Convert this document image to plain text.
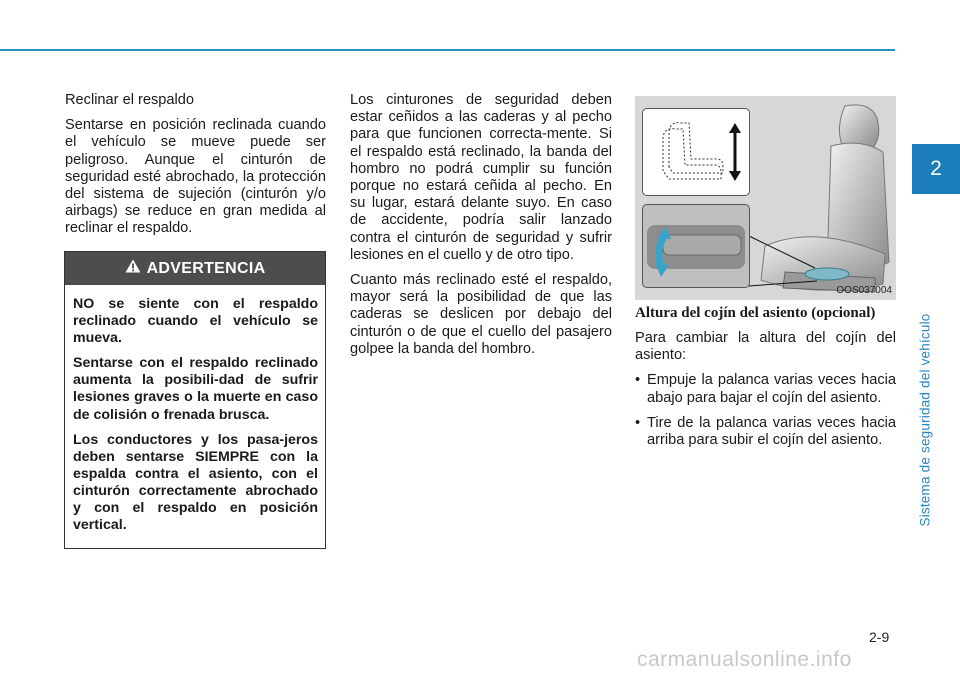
2
Sistema de seguridad del vehículo

Reclinar el respaldo

Sentarse en posición reclinada cuando el vehículo se mueve puede ser peligroso. Aunque el cinturón de seguridad esté abrochado, la protección del sistema de sujeción (cinturón y/o airbags) se reduce en gran medida al reclinar el respaldo.

ADVERTENCIA

NO se siente con el respaldo reclinado cuando el vehículo se mueva.

Sentarse con el respaldo reclinado aumenta la posibili-dad de sufrir lesiones graves o la muerte en caso de colisión o frenada brusca.

Los conductores y los pasa-jeros deben sentarse SIEMPRE con la espalda contra el asiento, con el cinturón correctamente abrochado y con el respaldo en posición vertical.

Los cinturones de seguridad deben estar ceñidos a las caderas y al pecho para que funcionen correcta-mente. Si el respaldo está reclinado, la banda del hombro no podrá cumplir su función porque no estará ceñida al pecho. En su lugar, estará delante suyo. En caso de accidente, podría salir lanzado contra el cinturón de seguridad y sufrir lesiones en el cuello y de otro tipo.

Cuanto más reclinado esté el respaldo, mayor será la posibilidad de que las caderas se deslicen por debajo del cinturón o de que el cuello del pasajero golpee la banda del hombro.

OOS037004

Altura del cojín del asiento (opcional)

Para cambiar la altura del cojín del asiento:

• Empuje la palanca varias veces hacia abajo para bajar el cojín del asiento.
• Tire de la palanca varias veces hacia arriba para subir el cojín del asiento.
2-9
carmanualsonline.info
